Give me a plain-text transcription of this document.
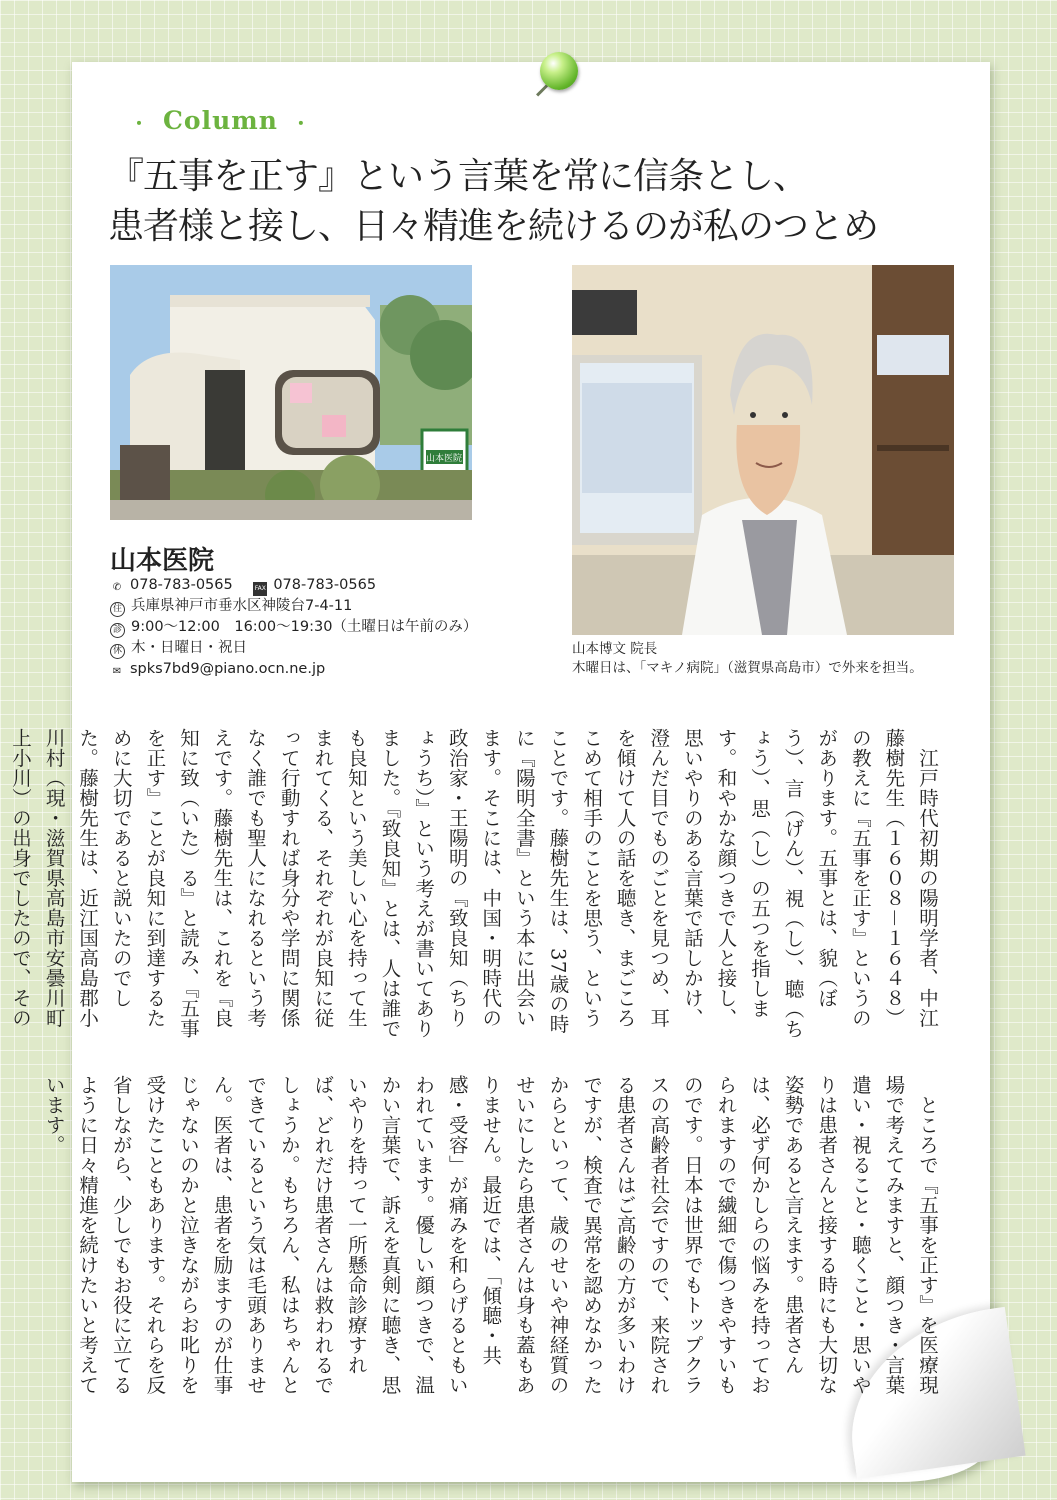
・ Column ・
『五事を正す』という言葉を常に信条とし、
患者様と接し、日々精進を続けるのが私のつとめ
山本医院
山本医院
✆ 078-783-0565	FAX 078-783-0565
住 兵庫県神戸市垂水区神陵台7-4-11
診 9:00〜12:00　16:00〜19:30（土曜日は午前のみ）
休 木・日曜日・祝日
✉ spks7bd9@piano.ocn.ne.jp
山本博文 院長
木曜日は、「マキノ病院」（滋賀県高島市）で外来を担当。

江戸時代初期の陽明学者、中江藤樹先生（１６０８－１６４８）の教えに『五事を正す』というのがあります。五事とは、貌（ぼう）、言（げん）、視（し）、聴（ちょう）、思（し）の五つを指します。和やかな顔つきで人と接し、思いやりのある言葉で話しかけ、澄んだ目でものごとを見つめ、耳を傾けて人の話を聴き、まごころこめて相手のことを思う、ということです。藤樹先生は、37歳の時に『陽明全書』という本に出会います。そこには、中国・明時代の政治家・王陽明の『致良知（ちりょうち）』という考えが書いてありました。『致良知』とは、人は誰でも良知という美しい心を持って生まれてくる、それぞれが良知に従って行動すれば身分や学問に関係なく誰でも聖人になれるという考えです。藤樹先生は、これを『良知に致（いた）る』と読み、『五事を正す』ことが良知に到達するために大切であると説いたのでした。藤樹先生は、近江国高島郡小川村（現・滋賀県高島市安曇川町上小川）の出身でしたので、その

ところで『五事を正す』を医療現場で考えてみますと、顔つき・言葉遣い・視ること・聴くこと・思いやりは患者さんと接する時にも大切な姿勢であると言えます。患者さんは、必ず何かしらの悩みを持っておられますので繊細で傷つきやすいものです。日本は世界でもトップクラスの高齢者社会ですので、来院される患者さんはご高齢の方が多いわけですが、検査で異常を認めなかったからといって、歳のせいや神経質のせいにしたら患者さんは身も蓋もありません。最近では、「傾聴・共感・受容」が痛みを和らげるともいわれています。優しい顔つきで、温かい言葉で、訴えを真剣に聴き、思いやりを持って一所懸命診療すれば、どれだけ患者さんは救われるでしょうか。もちろん、私はちゃんとできているという気は毛頭ありません。医者は、患者を励ますのが仕事じゃないのかと泣きながらお叱りを受けたこともあります。それらを反省しながら、少しでもお役に立てるように日々精進を続けたいと考えています。
